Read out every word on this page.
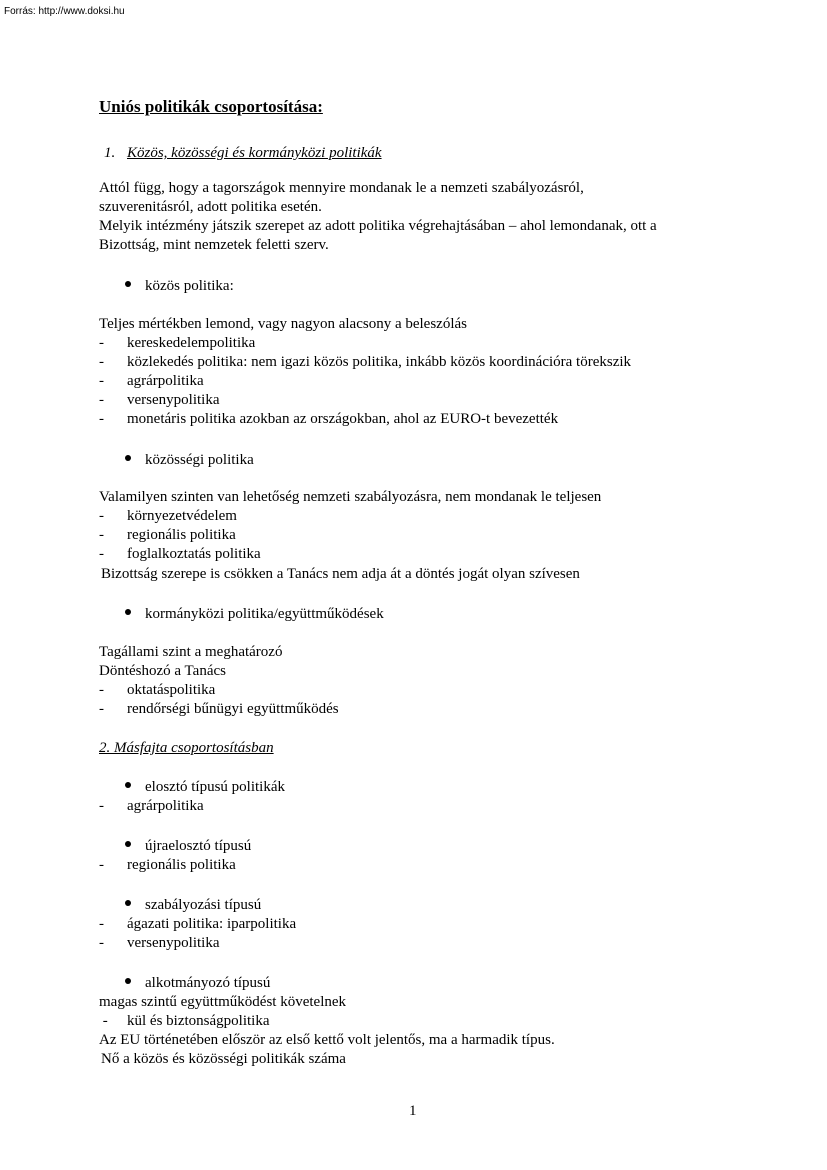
Forrás: http://www.doksi.hu
Uniós politikák csoportosítása:
1. Közös, közösségi és kormányközi politikák
Attól függ, hogy a tagországok mennyire mondanak le a nemzeti szabályozásról,
szuverenitásról, adott politika esetén.
Melyik intézmény játszik szerepet az adott politika végrehajtásában – ahol lemondanak, ott a
Bizottság, mint nemzetek feletti szerv.
közös politika:
Teljes mértékben lemond, vagy nagyon alacsony a beleszólás
- kereskedelempolitika
- közlekedés politika: nem igazi közös politika, inkább közös koordinációra törekszik
- agrárpolitika
- versenypolitika
- monetáris politika azokban az országokban, ahol az EURO-t bevezették
közösségi politika
Valamilyen szinten van lehetőség nemzeti szabályozásra, nem mondanak le teljesen
- környezetvédelem
- regionális politika
- foglalkoztatás politika
Bizottság szerepe is csökken a Tanács nem adja át a döntés jogát olyan szívesen
kormányközi politika/együttműködések
Tagállami szint a meghatározó
Döntéshozó a Tanács
- oktatáspolitika
- rendőrségi bűnügyi együttműködés
2. Másfajta csoportosításban
elosztó típusú politikák
- agrárpolitika
újraelosztó típusú
- regionális politika
szabályozási típusú
- ágazati politika: iparpolitika
- versenypolitika
alkotmányozó típusú
magas szintű együttműködést követelnek
- kül és biztonságpolitika
Az EU történetében először az első kettő volt jelentős, ma a harmadik típus.
Nő a közös és közösségi politikák száma
1
